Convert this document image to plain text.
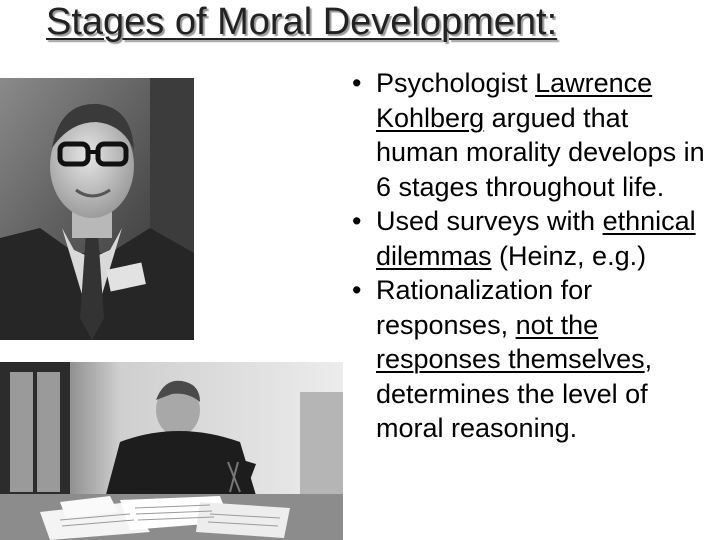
Stages of Moral Development:
• Psychologist Lawrence Kohlberg argued that human morality develops in 6 stages throughout life.
• Used surveys with ethnical dilemmas (Heinz, e.g.)
• Rationalization for responses, not the responses themselves, determines the level of moral reasoning.
